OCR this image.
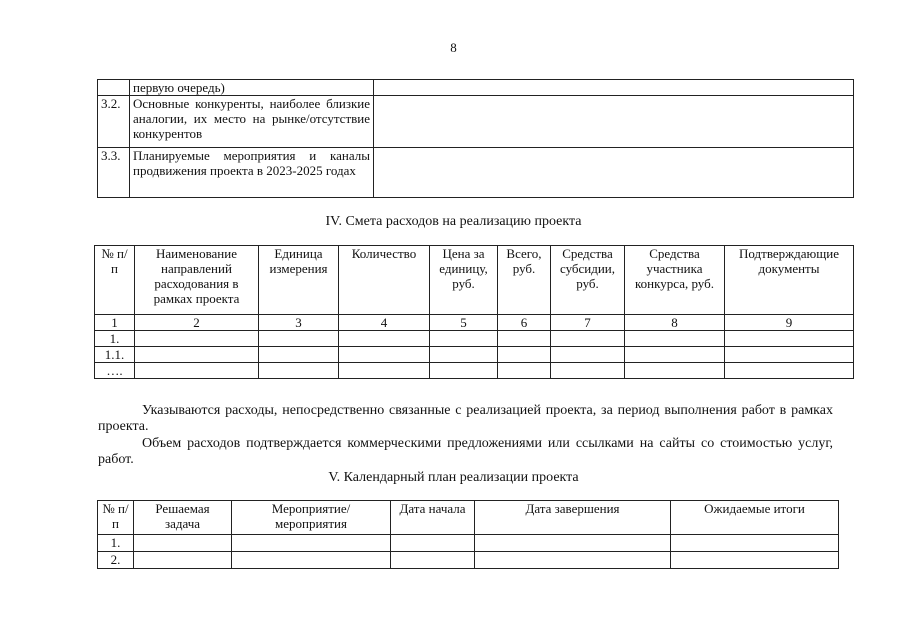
8
	первую очередь)	
3.2.	Основные конкуренты, наиболее близкие аналогии, их место на рынке/отсутствие конкурентов	
3.3.	Планируемые мероприятия и каналы продвижения проекта в 2023-2025 годах	
IV. Смета расходов на реализацию проекта
№ п/п	Наименование направлений расходования в рамках проекта	Единица измерения	Количество	Цена за единицу, руб.	Всего, руб.	Средства субсидии, руб.	Средства участника конкурса, руб.	Подтверждающие документы
1	2	3	4	5	6	7	8	9
1.								
1.1.								
….								
Указываются расходы, непосредственно связанные с реализацией проекта, за период выполнения работ в рамках проекта.
Объем расходов подтверждается коммерческими предложениями или ссылками на сайты со стоимостью услуг, работ.
V. Календарный план реализации проекта
№ п/п	Решаемая задача	Мероприятие/ мероприятия	Дата начала	Дата завершения	Ожидаемые итоги
1.					
2.					
